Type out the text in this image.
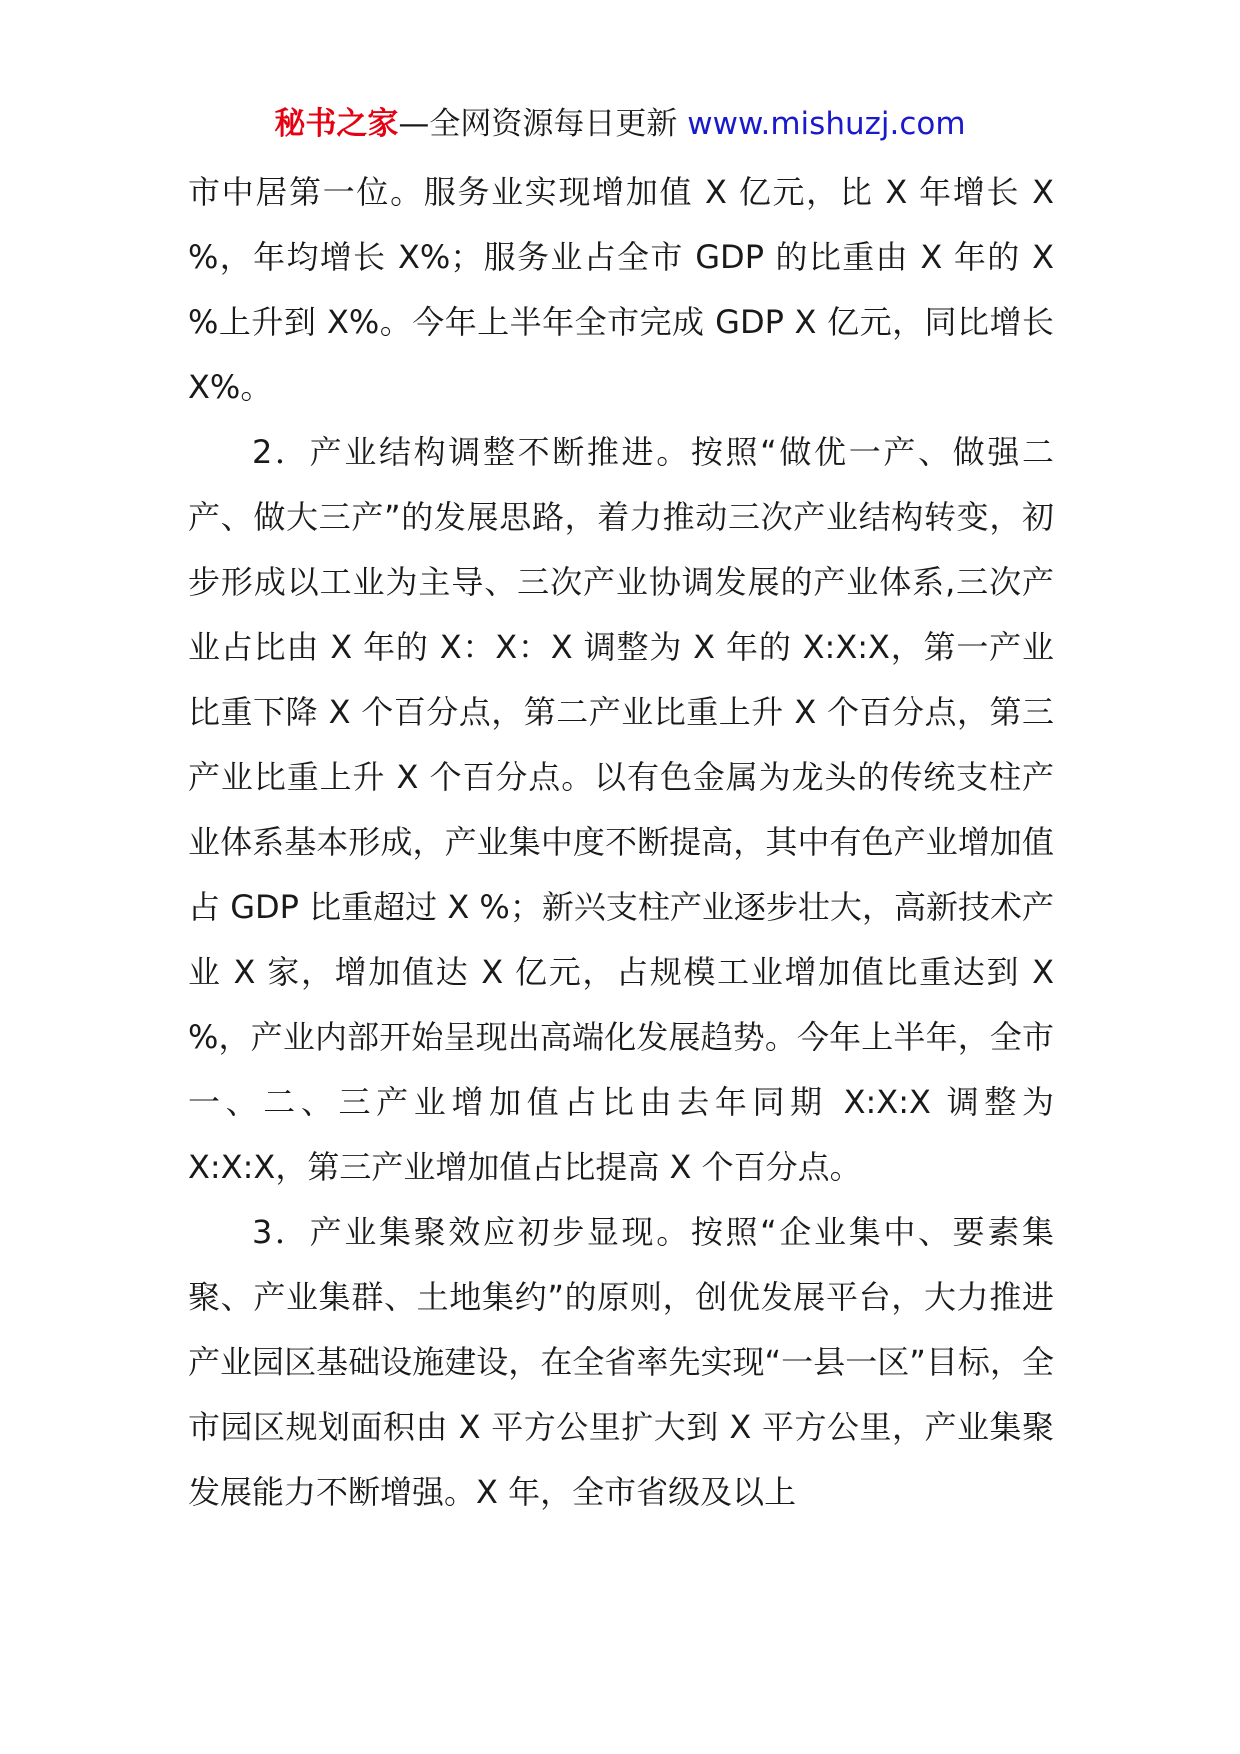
秘书之家—全网资源每日更新 www.mishuzj.com

市中居第一位。服务业实现增加值 X 亿元，比 X 年增长 X %，年均增长 X%；服务业占全市 GDP 的比重由 X 年的 X %上升到 X%。今年上半年全市完成 GDP X 亿元，同比增长 X%。

2．产业结构调整不断推进。按照“做优一产、做强二产、做大三产”的发展思路，着力推动三次产业结构转变，初步形成以工业为主导、三次产业协调发展的产业体系,三次产业占比由 X 年的 X：X：X 调整为 X 年的 X:X:X，第一产业比重下降 X 个百分点，第二产业比重上升 X 个百分点，第三产业比重上升 X 个百分点。以有色金属为龙头的传统支柱产业体系基本形成，产业集中度不断提高，其中有色产业增加值占 GDP 比重超过 X %；新兴支柱产业逐步壮大，高新技术产业 X 家，增加值达 X 亿元，占规模工业增加值比重达到 X %，产业内部开始呈现出高端化发展趋势。今年上半年，全市一、二、三产业增加值占比由去年同期 X:X:X 调整为 X:X:X，第三产业增加值占比提高 X 个百分点。

3．产业集聚效应初步显现。按照“企业集中、要素集聚、产业集群、土地集约”的原则，创优发展平台，大力推进产业园区基础设施建设，在全省率先实现“一县一区”目标，全市园区规划面积由 X 平方公里扩大到 X 平方公里，产业集聚发展能力不断增强。X 年，全市省级及以上
